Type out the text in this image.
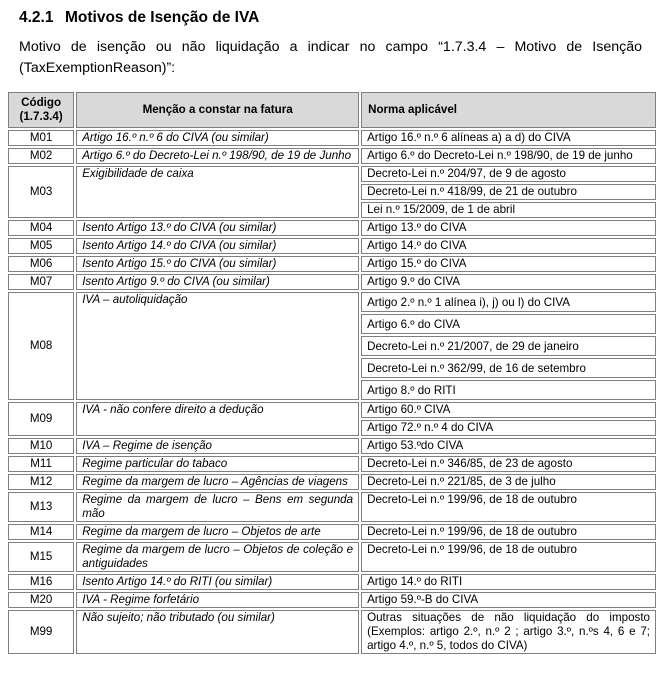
4.2.1 Motivos de Isenção de IVA
Motivo de isenção ou não liquidação a indicar no campo “1.7.3.4 – Motivo de Isenção (TaxExemptionReason)”:
Código
(1.7.3.4)	Menção a constar na fatura	Norma aplicável
M01	Artigo 16.º n.º 6 do CIVA (ou similar)	Artigo 16.º n.º 6 alíneas a) a d) do CIVA
M02	Artigo 6.º do Decreto-Lei n.º 198/90, de 19 de Junho	Artigo 6.º do Decreto-Lei n.º 198/90, de 19 de junho
M03	Exigibilidade de caixa	Decreto-Lei n.º 204/97, de 9 de agosto
		Decreto-Lei n.º 418/99, de 21 de outubro
		Lei n.º 15/2009, de 1 de abril
M04	Isento Artigo 13.º do CIVA (ou similar)	Artigo 13.º do CIVA
M05	Isento Artigo 14.º do CIVA (ou similar)	Artigo 14.º do CIVA
M06	Isento Artigo 15.º do CIVA (ou similar)	Artigo 15.º do CIVA
M07	Isento Artigo 9.º do CIVA (ou similar)	Artigo 9.º do CIVA
M08	IVA – autoliquidação	Artigo 2.º n.º 1 alínea i), j) ou l) do CIVA
		Artigo 6.º do CIVA
		Decreto-Lei n.º 21/2007, de 29 de janeiro
		Decreto-Lei n.º 362/99, de 16 de setembro
		Artigo 8.º do RITI
M09	IVA - não confere direito a dedução	Artigo 60.º CIVA
		Artigo 72.º n.º 4 do CIVA
M10	IVA – Regime de isenção	Artigo 53.ºdo CIVA
M11	Regime particular do tabaco	Decreto-Lei n.º 346/85, de 23 de agosto
M12	Regime da margem de lucro – Agências de viagens	Decreto-Lei n.º 221/85, de 3 de julho
M13	Regime da margem de lucro – Bens em segunda mão	Decreto-Lei n.º 199/96, de 18 de outubro
M14	Regime da margem de lucro – Objetos de arte	Decreto-Lei n.º 199/96, de 18 de outubro
M15	Regime da margem de lucro – Objetos de coleção e antiguidades	Decreto-Lei n.º 199/96, de 18 de outubro
M16	Isento Artigo 14.º do RITI (ou similar)	Artigo 14.º do RITI
M20	IVA - Regime forfetário	Artigo 59.º-B do CIVA
M99	Não sujeito; não tributado (ou similar)	Outras situações de não liquidação do imposto (Exemplos: artigo 2.º, n.º 2 ; artigo 3.º, n.ºs 4, 6 e 7; artigo 4.º, n.º 5, todos do CIVA)
